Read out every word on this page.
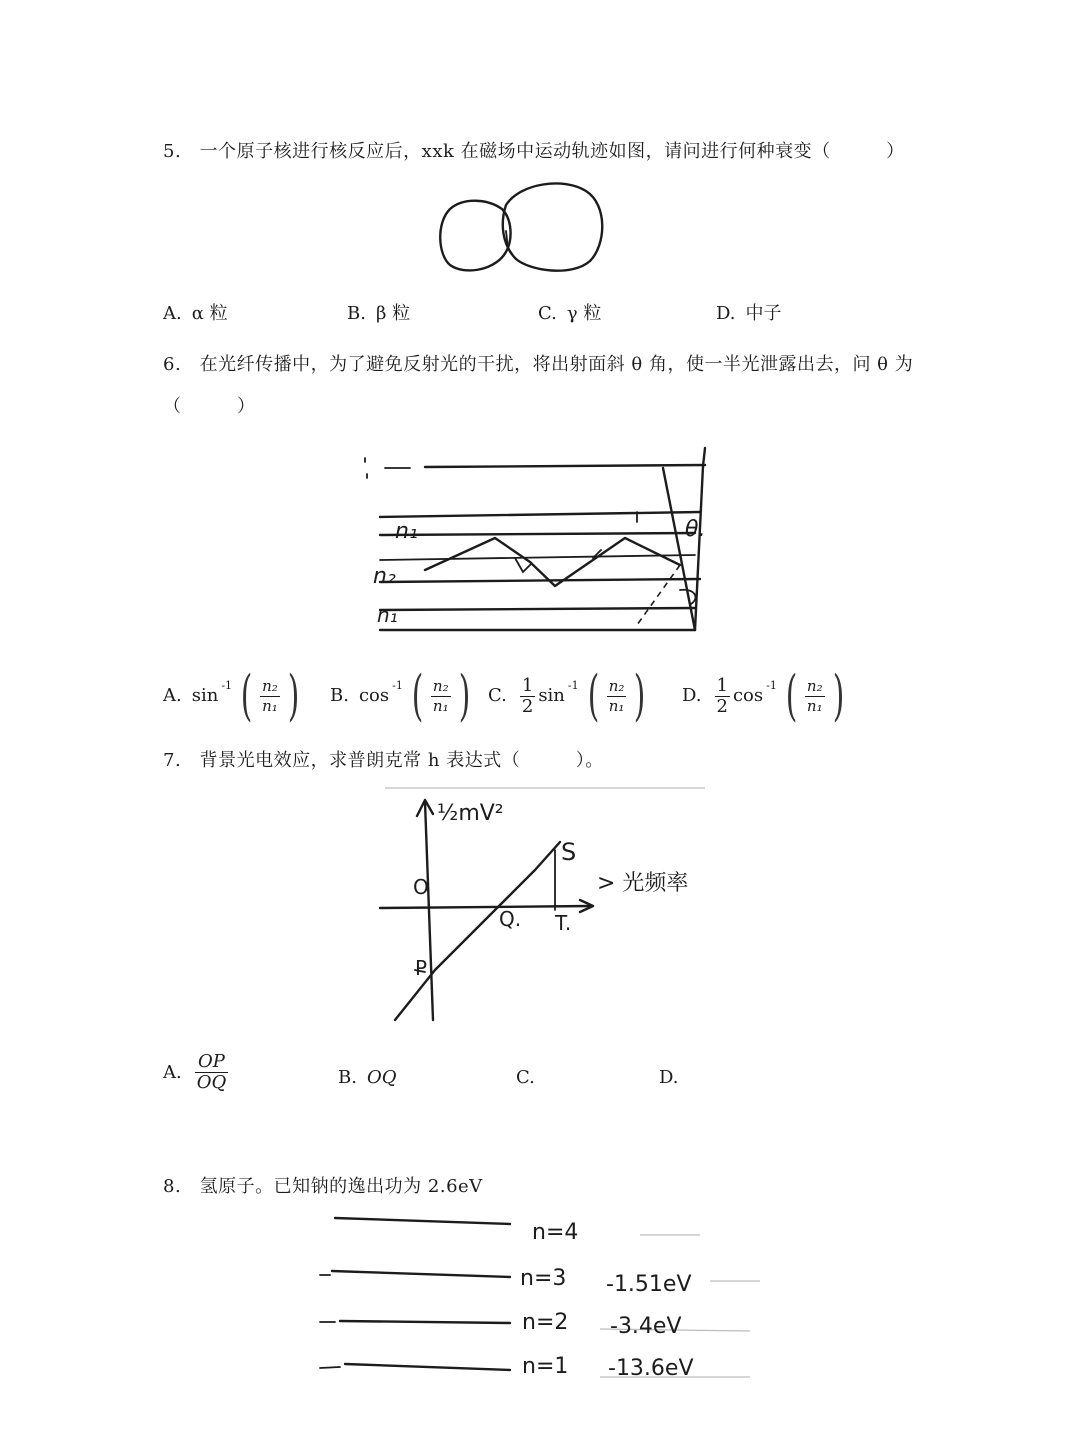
5.　一个原子核进行核反应后，xxk 在磁场中运动轨迹如图，请问进行何种衰变（　　　）
A. α 粒	B. β 粒	C. γ 粒	D. 中子
6.　在光纤传播中，为了避免反射光的干扰，将出射面斜 θ 角，使一半光泄露出去，问 θ 为
（　　　）
n₁
n₂
n₁
θ.
A. sin -1 ( $\frac{\text{n₂}}{\text{n₁}}$ ) B. cos -1 ( $\frac{\text{n₂}}{\text{n₁}}$ ) C. $\frac{1}{2}$ sin -1 ( $\frac{\text{n₂}}{\text{n₁}}$ ) D. $\frac{1}{2}$ cos -1 ( $\frac{\text{n₂}}{\text{n₁}}$ )
7.　背景光电效应，求普朗克常 h 表达式（　　　）。
½mV²
> 光频率
O
P
Q. T.
S
A. $\frac{OP}{OQ}$	B. OQ	C.	D.
8.　氢原子。已知钠的逸出功为 2.6eV
n=4
n=3 -1.51eV
n=2 -3.4eV
n=1 -13.6eV
